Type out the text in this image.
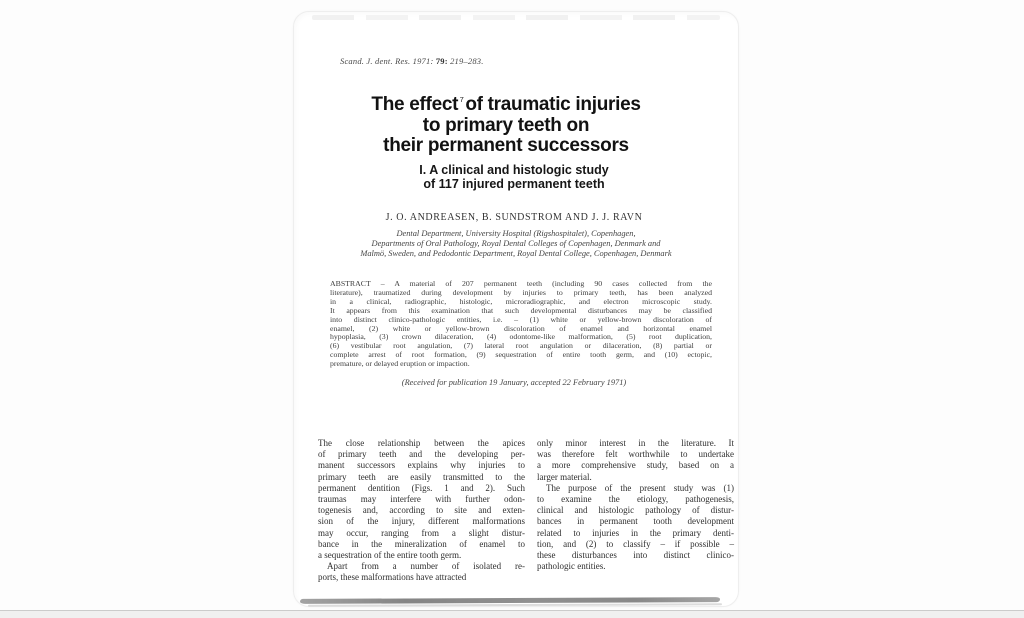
Scand. J. dent. Res. 1971: 79: 219–283.
The effect $^7$of traumatic injuries
to primary teeth on
their permanent successors
I. A clinical and histologic study
of 117 injured permanent teeth
J. O. ANDREASEN, B. SUNDSTROM AND J. J. RAVN
Dental Department, University Hospital (Rigshospitalet), Copenhagen,
Departments of Oral Pathology, Royal Dental Colleges of Copenhagen, Denmark and
Malmö, Sweden, and Pedodontic Department, Royal Dental College, Copenhagen, Denmark
ABSTRACT – A material of 207 permanent teeth (including 90 cases collected from the
literature), traumatized during development by injuries to primary teeth, has been analyzed
in a clinical, radiographic, histologic, microradiographic, and electron microscopic study.
It appears from this examination that such developmental disturbances may be classified
into distinct clinico-pathologic entities, i.e. – (1) white or yellow-brown discoloration of
enamel, (2) white or yellow-brown discoloration of enamel and horizontal enamel
hypoplasia, (3) crown dilaceration, (4) odontome-like malformation, (5) root duplication,
(6) vestibular root angulation, (7) lateral root angulation or dilaceration, (8) partial or
complete arrest of root formation, (9) sequestration of entire tooth germ, and (10) ectopic,
premature, or delayed eruption or impaction.
(Received for publication 19 January, accepted 22 February 1971)
The close relationship between the apices
of primary teeth and the developing per-
manent successors explains why injuries to
primary teeth are easily transmitted to the
permanent dentition (Figs. 1 and 2). Such
traumas may interfere with further odon-
togenesis and, according to site and exten-
sion of the injury, different malformations
may occur, ranging from a slight distur-
bance in the mineralization of enamel to
a sequestration of the entire tooth germ.
Apart from a number of isolated re-
ports, these malformations have attracted
only minor interest in the literature. It
was therefore felt worthwhile to undertake
a more comprehensive study, based on a
larger material.
The purpose of the present study was (1)
to examine the etiology, pathogenesis,
clinical and histologic pathology of distur-
bances in permanent tooth development
related to injuries in the primary denti-
tion, and (2) to classify – if possible –
these disturbances into distinct clinico-
pathologic entities.
